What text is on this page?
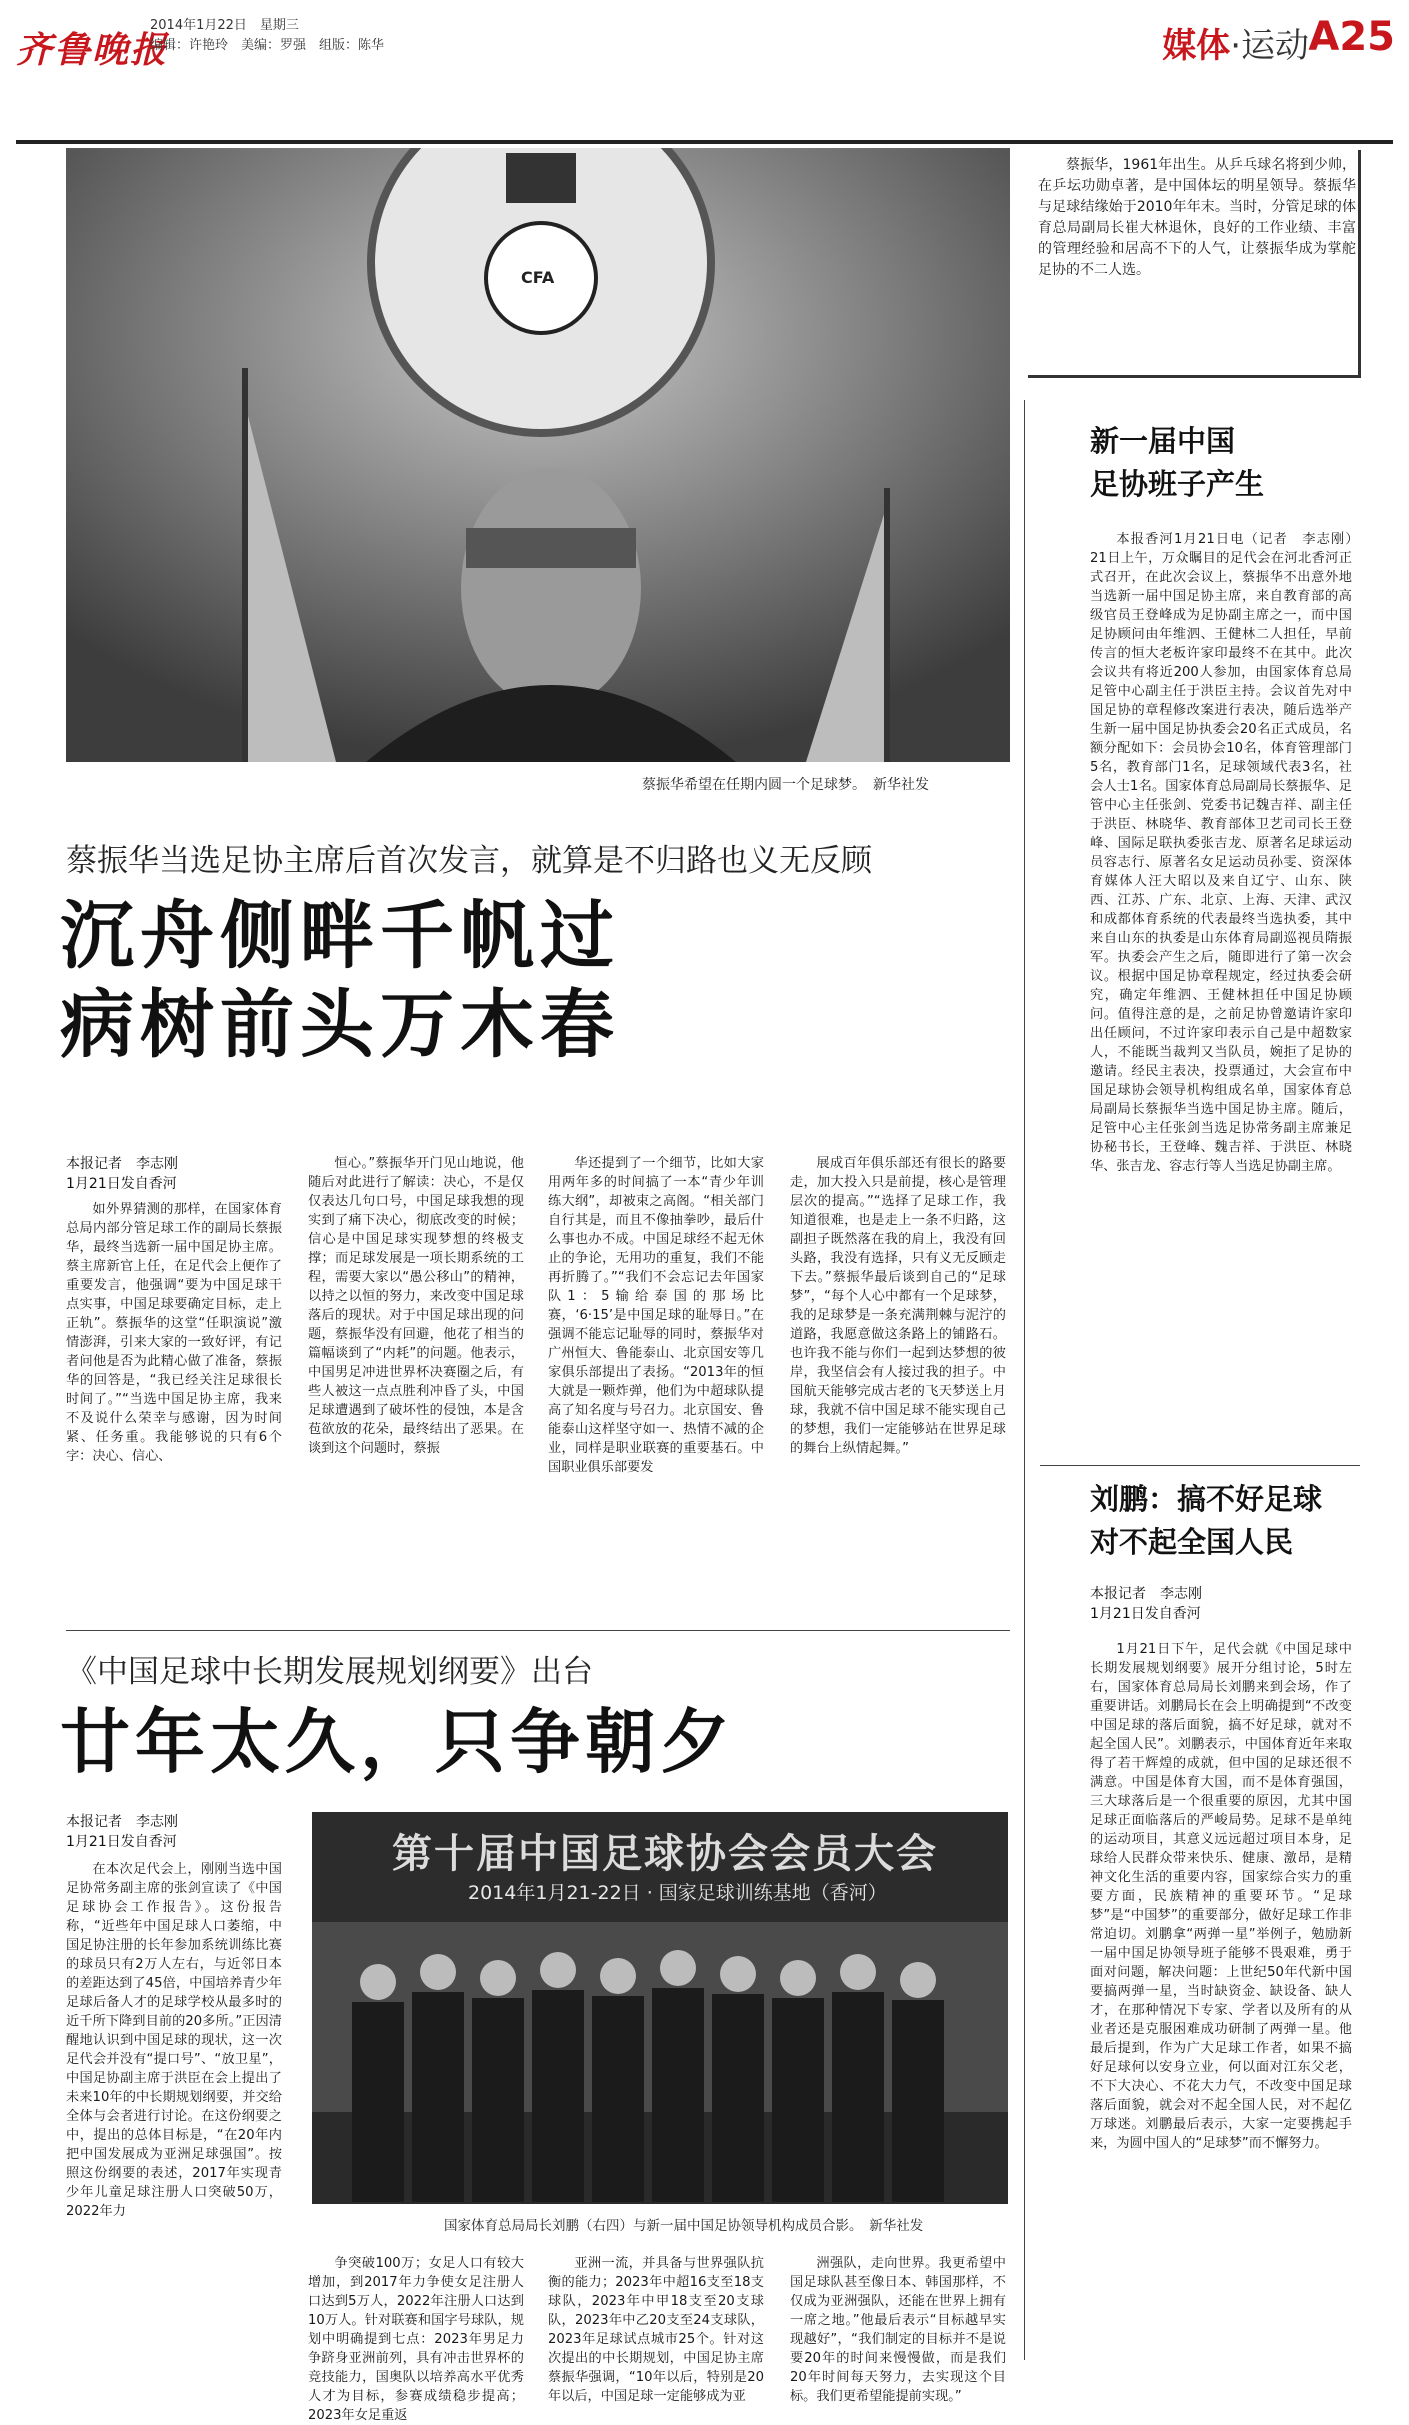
齐鲁晚报
2014年1月22日　星期三
编辑：许艳玲　美编：罗强　组版：陈华	媒体·运动 A25
CFA
蔡振华希望在任期内圆一个足球梦。　新华社发

蔡振华，1961年出生。从乒乓球名将到少帅，在乒坛功勋卓著，是中国体坛的明星领导。蔡振华与足球结缘始于2010年年末。当时，分管足球的体育总局副局长崔大林退休，良好的工作业绩、丰富的管理经验和居高不下的人气，让蔡振华成为掌舵足协的不二人选。

蔡振华当选足协主席后首次发言，就算是不归路也义无反顾
沉舟侧畔千帆过
病树前头万木春
本报记者　李志刚
1月21日发自香河

如外界猜测的那样，在国家体育总局内部分管足球工作的副局长蔡振华，最终当选新一届中国足协主席。蔡主席新官上任，在足代会上便作了重要发言，他强调“要为中国足球干点实事，中国足球要确定目标，走上正轨”。蔡振华的这堂“任职演说”激情澎湃，引来大家的一致好评，有记者问他是否为此精心做了准备，蔡振华的回答是，“我已经关注足球很长时间了。”“当选中国足协主席，我来不及说什么荣幸与感谢，因为时间紧、任务重。我能够说的只有6个字：决心、信心、

恒心。”蔡振华开门见山地说，他随后对此进行了解读：决心，不是仅仅表达几句口号，中国足球我想的现实到了痛下决心，彻底改变的时候；信心是中国足球实现梦想的终极支撑；而足球发展是一项长期系统的工程，需要大家以“愚公移山”的精神，以持之以恒的努力，来改变中国足球落后的现状。对于中国足球出现的问题，蔡振华没有回避，他花了相当的篇幅谈到了“内耗”的问题。他表示，中国男足冲进世界杯决赛圈之后，有些人被这一点点胜利冲昏了头，中国足球遭遇到了破坏性的侵蚀，本是含苞欲放的花朵，最终结出了恶果。在谈到这个问题时，蔡振

华还提到了一个细节，比如大家用两年多的时间搞了一本“青少年训练大纲”，却被束之高阁。“相关部门自行其是，而且不像抽拳吵，最后什么事也办不成。中国足球经不起无休止的争论，无用功的重复，我们不能再折腾了。”“我们不会忘记去年国家队1：5输给泰国的那场比赛，‘6·15’是中国足球的耻辱日。”在强调不能忘记耻辱的同时，蔡振华对广州恒大、鲁能泰山、北京国安等几家俱乐部提出了表扬。“2013年的恒大就是一颗炸弹，他们为中超球队提高了知名度与号召力。北京国安、鲁能泰山这样坚守如一、热情不减的企业，同样是职业联赛的重要基石。中国职业俱乐部要发

展成百年俱乐部还有很长的路要走，加大投入只是前提，核心是管理层次的提高。”“选择了足球工作，我知道很难，也是走上一条不归路，这副担子既然落在我的肩上，我没有回头路，我没有选择，只有义无反顾走下去。”蔡振华最后谈到自己的“足球梦”，“每个人心中都有一个足球梦，我的足球梦是一条充满荆棘与泥泞的道路，我愿意做这条路上的铺路石。也许我不能与你们一起到达梦想的彼岸，我坚信会有人接过我的担子。中国航天能够完成古老的飞天梦送上月球，我就不信中国足球不能实现自己的梦想，我们一定能够站在世界足球的舞台上纵情起舞。”

新一届中国
足协班子产生

本报香河1月21日电（记者　李志刚）　21日上午，万众瞩目的足代会在河北香河正式召开，在此次会议上，蔡振华不出意外地当选新一届中国足协主席，来自教育部的高级官员王登峰成为足协副主席之一，而中国足协顾问由年维泗、王健林二人担任，早前传言的恒大老板许家印最终不在其中。此次会议共有将近200人参加，由国家体育总局足管中心副主任于洪臣主持。会议首先对中国足协的章程修改案进行表决，随后选举产生新一届中国足协执委会20名正式成员，名额分配如下：会员协会10名，体育管理部门5名，教育部门1名，足球领域代表3名，社会人士1名。国家体育总局副局长蔡振华、足管中心主任张剑、党委书记魏吉祥、副主任于洪臣、林晓华、教育部体卫艺司司长王登峰、国际足联执委张吉龙、原著名足球运动员容志行、原著名女足运动员孙雯、资深体育媒体人汪大昭以及来自辽宁、山东、陕西、江苏、广东、北京、上海、天津、武汉和成都体育系统的代表最终当选执委，其中来自山东的执委是山东体育局副巡视员隋振军。执委会产生之后，随即进行了第一次会议。根据中国足协章程规定，经过执委会研究，确定年维泗、王健林担任中国足协顾问。值得注意的是，之前足协曾邀请许家印出任顾问，不过许家印表示自己是中超数家人，不能既当裁判又当队员，婉拒了足协的邀请。经民主表决，投票通过，大会宣布中国足球协会领导机构组成名单，国家体育总局副局长蔡振华当选中国足协主席。随后，足管中心主任张剑当选足协常务副主席兼足协秘书长，王登峰、魏吉祥、于洪臣、林晓华、张吉龙、容志行等人当选足协副主席。

刘鹏：搞不好足球
对不起全国人民
本报记者　李志刚
1月21日发自香河

1月21日下午，足代会就《中国足球中长期发展规划纲要》展开分组讨论，5时左右，国家体育总局局长刘鹏来到会场，作了重要讲话。刘鹏局长在会上明确提到“不改变中国足球的落后面貌，搞不好足球，就对不起全国人民”。刘鹏表示，中国体育近年来取得了若干辉煌的成就，但中国的足球还很不满意。中国是体育大国，而不是体育强国，三大球落后是一个很重要的原因，尤其中国足球正面临落后的严峻局势。足球不是单纯的运动项目，其意义远远超过项目本身，足球给人民群众带来快乐、健康、激昂，是精神文化生活的重要内容，国家综合实力的重要方面，民族精神的重要环节。“足球梦”是“中国梦”的重要部分，做好足球工作非常迫切。刘鹏拿“两弹一星”举例子，勉励新一届中国足协领导班子能够不畏艰难，勇于面对问题，解决问题：上世纪50年代新中国要搞两弹一星，当时缺资金、缺设备、缺人才，在那种情况下专家、学者以及所有的从业者还是克服困难成功研制了两弹一星。他最后提到，作为广大足球工作者，如果不搞好足球何以安身立业，何以面对江东父老，不下大决心、不花大力气，不改变中国足球落后面貌，就会对不起全国人民，对不起亿万球迷。刘鹏最后表示，大家一定要携起手来，为圆中国人的“足球梦”而不懈努力。

《中国足球中长期发展规划纲要》出台
廿年太久，只争朝夕
本报记者　李志刚
1月21日发自香河

在本次足代会上，刚刚当选中国足协常务副主席的张剑宣读了《中国足球协会工作报告》。这份报告称，“近些年中国足球人口萎缩，中国足协注册的长年参加系统训练比赛的球员只有2万人左右，与近邻日本的差距达到了45倍，中国培养青少年足球后备人才的足球学校从最多时的近千所下降到目前的20多所。”正因清醒地认识到中国足球的现状，这一次足代会并没有“提口号”、“放卫星”，中国足协副主席于洪臣在会上提出了未来10年的中长期规划纲要，并交给全体与会者进行讨论。在这份纲要之中，提出的总体目标是，“在20年内把中国发展成为亚洲足球强国”。按照这份纲要的表述，2017年实现青少年儿童足球注册人口突破50万，2022年力

争突破100万；女足人口有较大增加，到2017年力争使女足注册人口达到5万人，2022年注册人口达到10万人。针对联赛和国字号球队，规划中明确提到七点：2023年男足力争跻身亚洲前列，具有冲击世界杯的竞技能力，国奥队以培养高水平优秀人才为目标，参赛成绩稳步提高；2023年女足重返

亚洲一流，并具备与世界强队抗衡的能力；2023年中超16支至18支球队，2023年中甲18支至20支球队，2023年中乙20支至24支球队，2023年足球试点城市25个。针对这次提出的中长期规划，中国足协主席蔡振华强调，“10年以后，特别是20年以后，中国足球一定能够成为亚

洲强队，走向世界。我更希望中国足球队甚至像日本、韩国那样，不仅成为亚洲强队，还能在世界上拥有一席之地。”他最后表示“目标越早实现越好”，“我们制定的目标并不是说要20年的时间来慢慢做，而是我们20年时间每天努力，去实现这个目标。我们更希望能提前实现。”

第十届中国足球协会会员大会
2014年1月21-22日 · 国家足球训练基地（香河）
国家体育总局局长刘鹏（右四）与新一届中国足协领导机构成员合影。　新华社发
